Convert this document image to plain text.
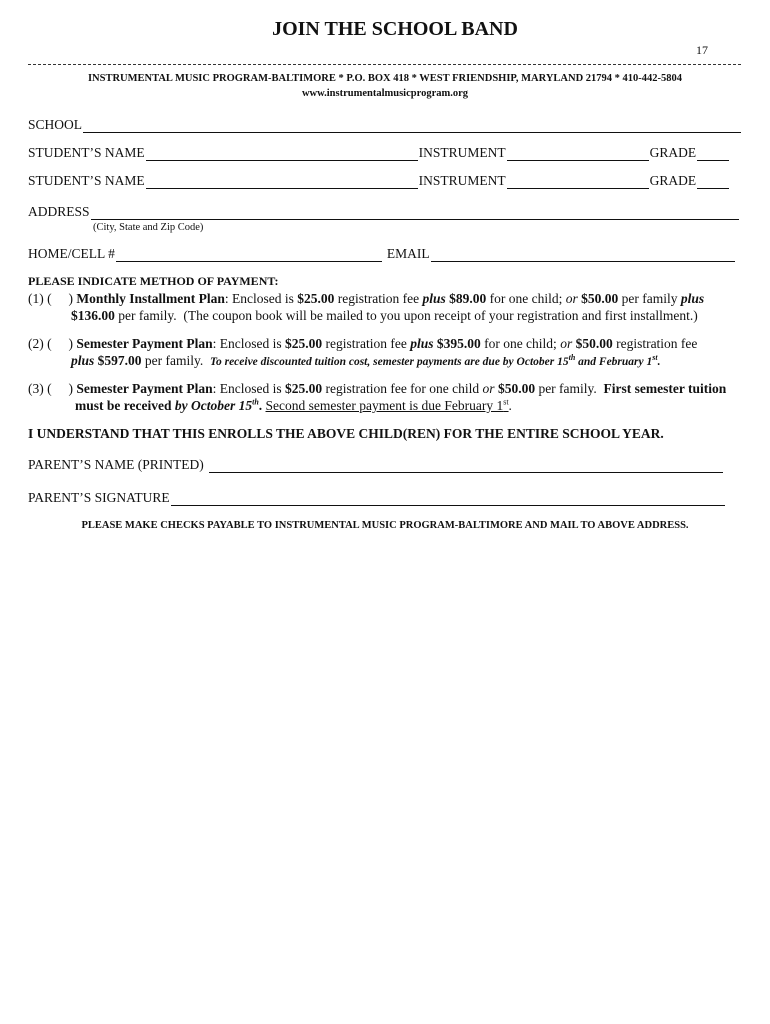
JOIN THE SCHOOL BAND
17
INSTRUMENTAL MUSIC PROGRAM-BALTIMORE * P.O. BOX 418 * WEST FRIENDSHIP, MARYLAND 21794 * 410-442-5804
www.instrumentalmusicprogram.org
SCHOOL
STUDENT’S NAME	INSTRUMENT	GRADE
STUDENT’S NAME	INSTRUMENT	GRADE
ADDRESS
(City, State and Zip Code)
HOME/CELL #	EMAIL
PLEASE INDICATE METHOD OF PAYMENT:
(1) (     ) Monthly Installment Plan: Enclosed is $25.00 registration fee plus $89.00 for one child; or $50.00 per family plus
$136.00 per family.  (The coupon book will be mailed to you upon receipt of your registration and first installment.)
(2) (     ) Semester Payment Plan: Enclosed is $25.00 registration fee plus $395.00 for one child; or $50.00 registration fee
plus $597.00 per family.  To receive discounted tuition cost, semester payments are due by October 15th and February 1st.
(3) (     ) Semester Payment Plan: Enclosed is $25.00 registration fee for one child or $50.00 per family.  First semester tuition
must be received by October 15th. Second semester payment is due February 1st.
I UNDERSTAND THAT THIS ENROLLS THE ABOVE CHILD(REN) FOR THE ENTIRE SCHOOL YEAR.
PARENT’S NAME (PRINTED)
PARENT’S SIGNATURE
PLEASE MAKE CHECKS PAYABLE TO INSTRUMENTAL MUSIC PROGRAM-BALTIMORE AND MAIL TO ABOVE ADDRESS.
